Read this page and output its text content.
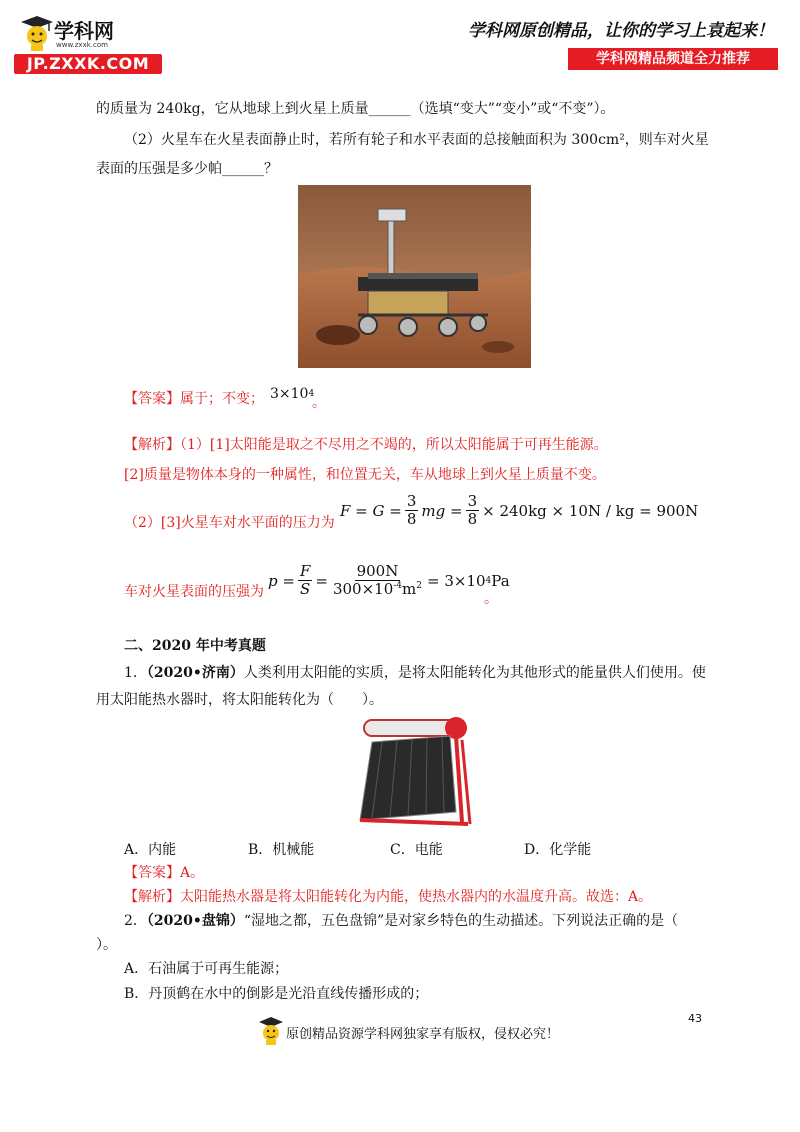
学科网
www.zxxk.com
JP.ZXXK.COM
学科网原创精品，让你的学习上袁起来！
学科网精品频道全力推荐
的质量为 240kg，它从地球上到火星上质量______（选填“变大”“变小”或“不变”）。
（2）火星车在火星表面静止时，若所有轮子和水平表面的总接触面积为 300cm²，则车对火星
表面的压强是多少帕______？
【答案】属于；不变； 3×10 4
。
【解析】（1）[1]太阳能是取之不尽用之不竭的，所以太阳能属于可再生能源。
[2]质量是物体本身的一种属性，和位置无关，车从地球上到火星上质量不变。
（2）[3]火星车对水平面的压力为
$F = G = \frac{3}{8}$ mg = $\frac{3}{8} \times 240kg \times 10N$ / kg = 900N
车对火星表面的压强为
$p = \frac{F}{S} = \frac{900N}{300\times 10^{-4}m^2} = 3\times 10$ 4 Pa
。
二、2020 年中考真题
1．（2020•济南）人类利用太阳能的实质，是将太阳能转化为其他形式的能量供人们使用。使
用太阳能热水器时，将太阳能转化为（　　）。
A．内能	B．机械能	C．电能	D．化学能
【答案】A。
【解析】太阳能热水器是将太阳能转化为内能，使热水器内的水温度升高。故选：A。
2．（2020•盘锦）“湿地之都，五色盘锦”是对家乡特色的生动描述。下列说法正确的是（
）。
A．石油属于可再生能源；
B．丹顶鹤在水中的倒影是光沿直线传播形成的；
43
原创精品资源学科网独家享有版权，侵权必究！
